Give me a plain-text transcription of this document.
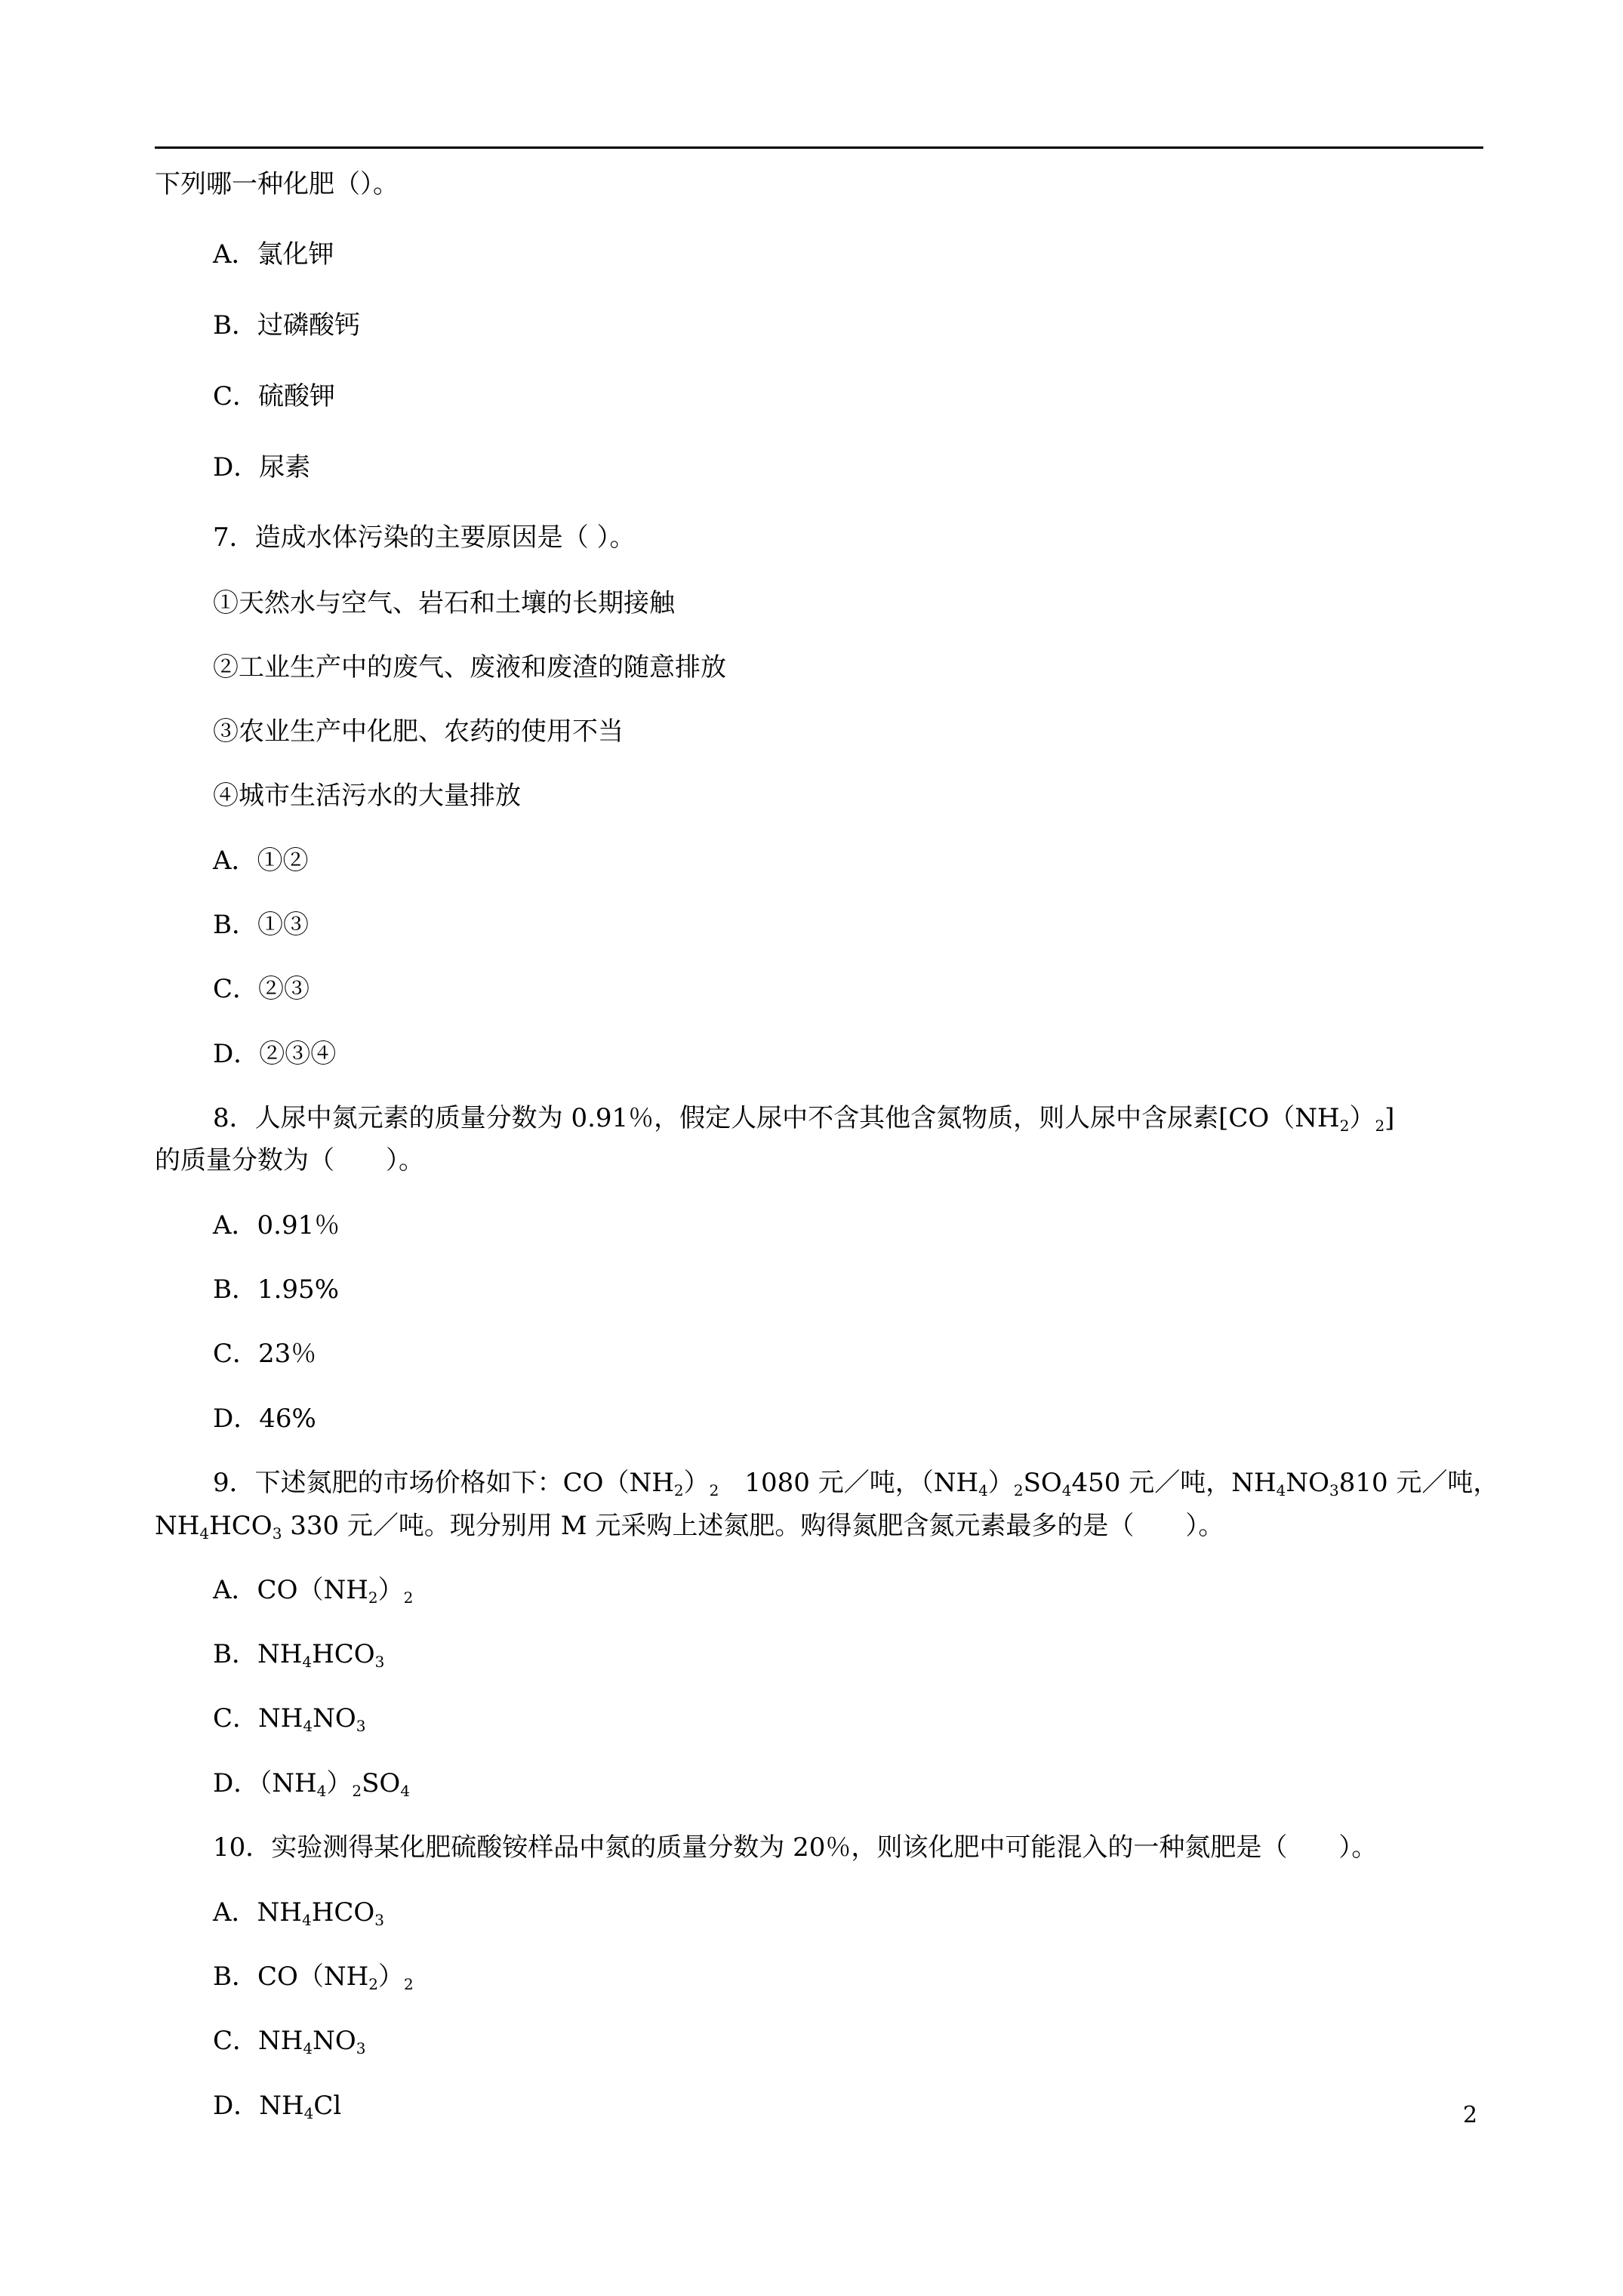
下列哪一种化肥（）。
A．氯化钾
B．过磷酸钙
C．硫酸钾
D．尿素
7．造成水体污染的主要原因是（ ）。
①天然水与空气、岩石和土壤的长期接触
②工业生产中的废气、废液和废渣的随意排放
③农业生产中化肥、农药的使用不当
④城市生活污水的大量排放
A．①②
B．①③
C．②③
D．②③④
8．人尿中氮元素的质量分数为 0.91％，假定人尿中不含其他含氮物质，则人尿中含尿素$[CO(NH_2)_2]$
的质量分数为（　　）。
A．0.91％
B．1.95%
C．23％
D．46%
9．下述氮肥的市场价格如下：$CO(NH_2)_2$　1080 元／吨，$(NH_4)_2SO_4450$ 元／吨，$NH_4NO_3810$ 元／吨，
$NH_4HCO_3$ 330 元／吨。现分别用 M 元采购上述氮肥。购得氮肥含氮元素最多的是（　　）。
A．$CO(NH_2)_2$
B．$NH_4HCO_3$
C．$NH_4NO_3$
D．$(NH_4)_2SO_4$
10．实验测得某化肥硫酸铵样品中氮的质量分数为 20％，则该化肥中可能混入的一种氮肥是（　　）。
A．$NH_4HCO_3$
B．$CO(NH_2)_2$
C．$NH_4NO_3$
D．$NH_4Cl$	2
